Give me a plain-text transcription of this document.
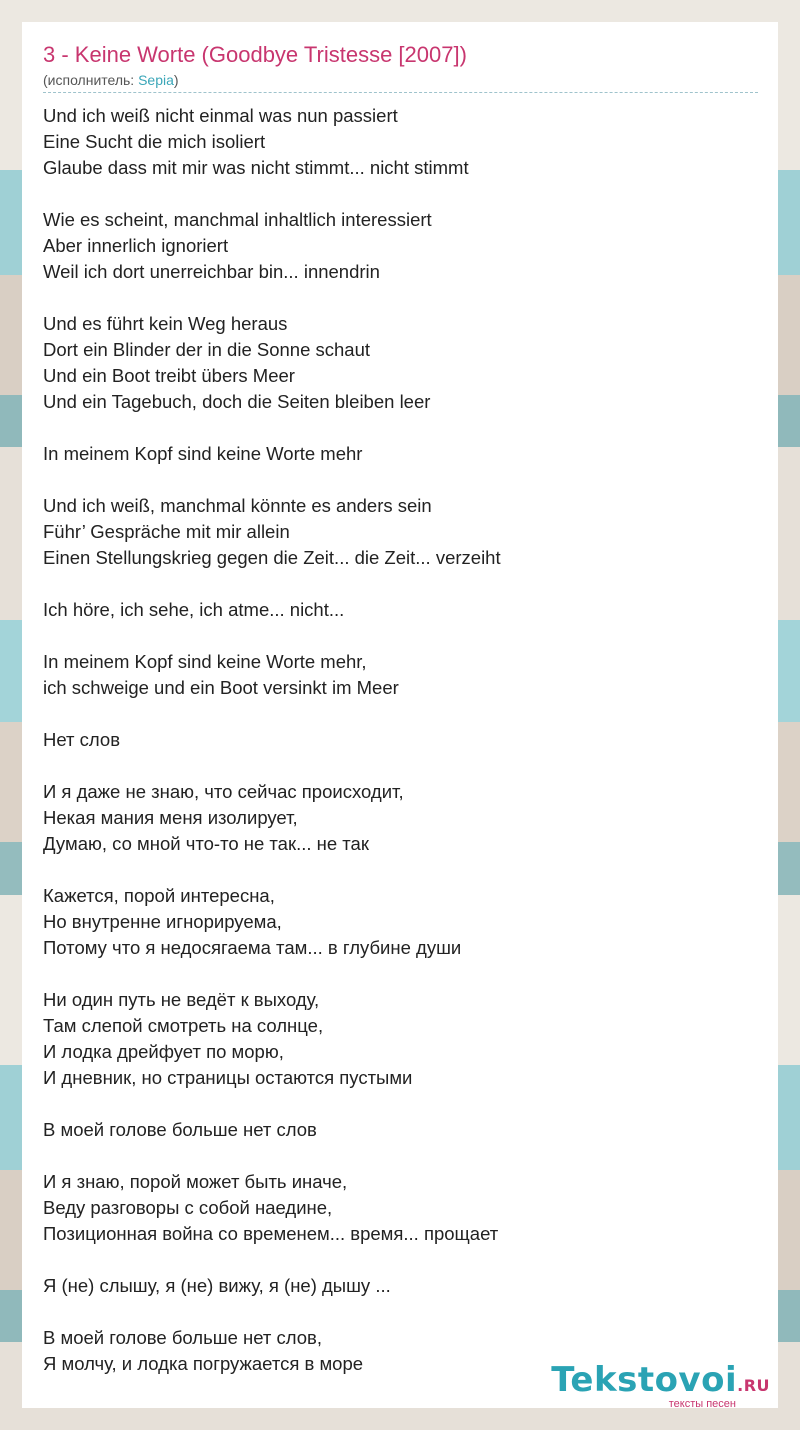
3 - Keine Worte (Goodbye Tristesse [2007])
(исполнитель: Sepia)
Und ich weiß nicht einmal was nun passiert
Eine Sucht die mich isoliert
Glaube dass mit mir was nicht stimmt... nicht stimmt
Wie es scheint, manchmal inhaltlich interessiert
Aber innerlich ignoriert
Weil ich dort unerreichbar bin... innendrin
Und es führt kein Weg heraus
Dort ein Blinder der in die Sonne schaut
Und ein Boot treibt übers Meer
Und ein Tagebuch, doch die Seiten bleiben leer
In meinem Kopf sind keine Worte mehr
Und ich weiß, manchmal könnte es anders sein
Führ’ Gespräche mit mir allein
Einen Stellungskrieg gegen die Zeit... die Zeit... verzeiht
Ich höre, ich sehe, ich atme... nicht...
In meinem Kopf sind keine Worte mehr,
ich schweige und ein Boot versinkt im Meer
Нет слов
И я даже не знаю, что сейчас происходит,
Некая мания меня изолирует,
Думаю, со мной что-то не так... не так
Кажется, порой интересна,
Но внутренне игнорируема,
Потому что я недосягаема там... в глубине души
Ни один путь не ведёт к выходу,
Там слепой смотреть на солнце,
И лодка дрейфует по морю,
И дневник, но страницы остаются пустыми
В моей голове больше нет слов
И я знаю, порой может быть иначе,
Веду разговоры с собой наедине,
Позиционная война со временем... время... прощает
Я (не) слышу, я (не) вижу, я (не) дышу ...
В моей голове больше нет слов,
Я молчу, и лодка погружается в море	Tekstovoi.RU
тексты песен
